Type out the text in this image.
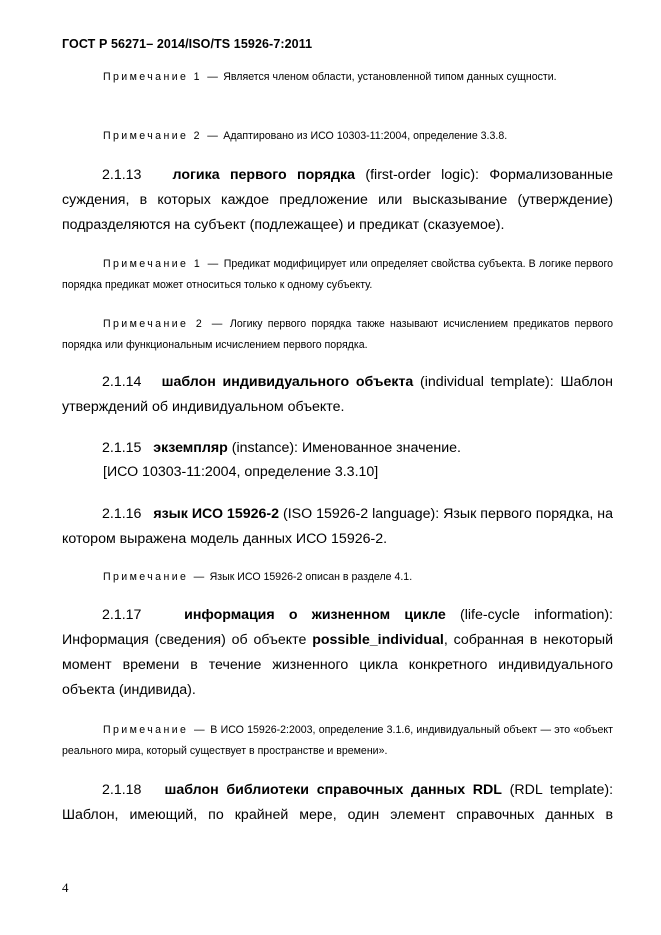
ГОСТ Р 56271– 2014/ISO/TS 15926-7:2011
Примечание 1 — Является членом области, установленной типом данных сущности.
Примечание 2 — Адаптировано из ИСО 10303-11:2004, определение 3.3.8.
2.1.13 логика первого порядка (first-order logic): Формализованные суждения, в которых каждое предложение или высказывание (утверждение) подразделяются на субъект (подлежащее) и предикат (сказуемое).
Примечание 1 — Предикат модифицирует или определяет свойства субъекта. В логике первого порядка предикат может относиться только к одному субъекту.
Примечание 2 — Логику первого порядка также называют исчислением предикатов первого порядка или функциональным исчислением первого порядка.
2.1.14 шаблон индивидуального объекта (individual template): Шаблон утверждений об индивидуальном объекте.
2.1.15 экземпляр (instance): Именованное значение.
[ИСО 10303-11:2004, определение 3.3.10]
2.1.16 язык ИСО 15926-2 (ISO 15926-2 language): Язык первого порядка, на котором выражена модель данных ИСО 15926-2.
Примечание — Язык ИСО 15926-2 описан в разделе 4.1.
2.1.17	информация о жизненном цикле (life-cycle information): Информация (сведения) об объекте possible_individual, собранная в некоторый момент времени в течение жизненного цикла конкретного индивидуального объекта (индивида).
Примечание — В ИСО 15926-2:2003, определение 3.1.6, индивидуальный объект — это «объект реального мира, который существует в пространстве и времени».
2.1.18 шаблон библиотеки справочных данных RDL (RDL template): Шаблон, имеющий, по крайней мере, один элемент справочных данных в
4
